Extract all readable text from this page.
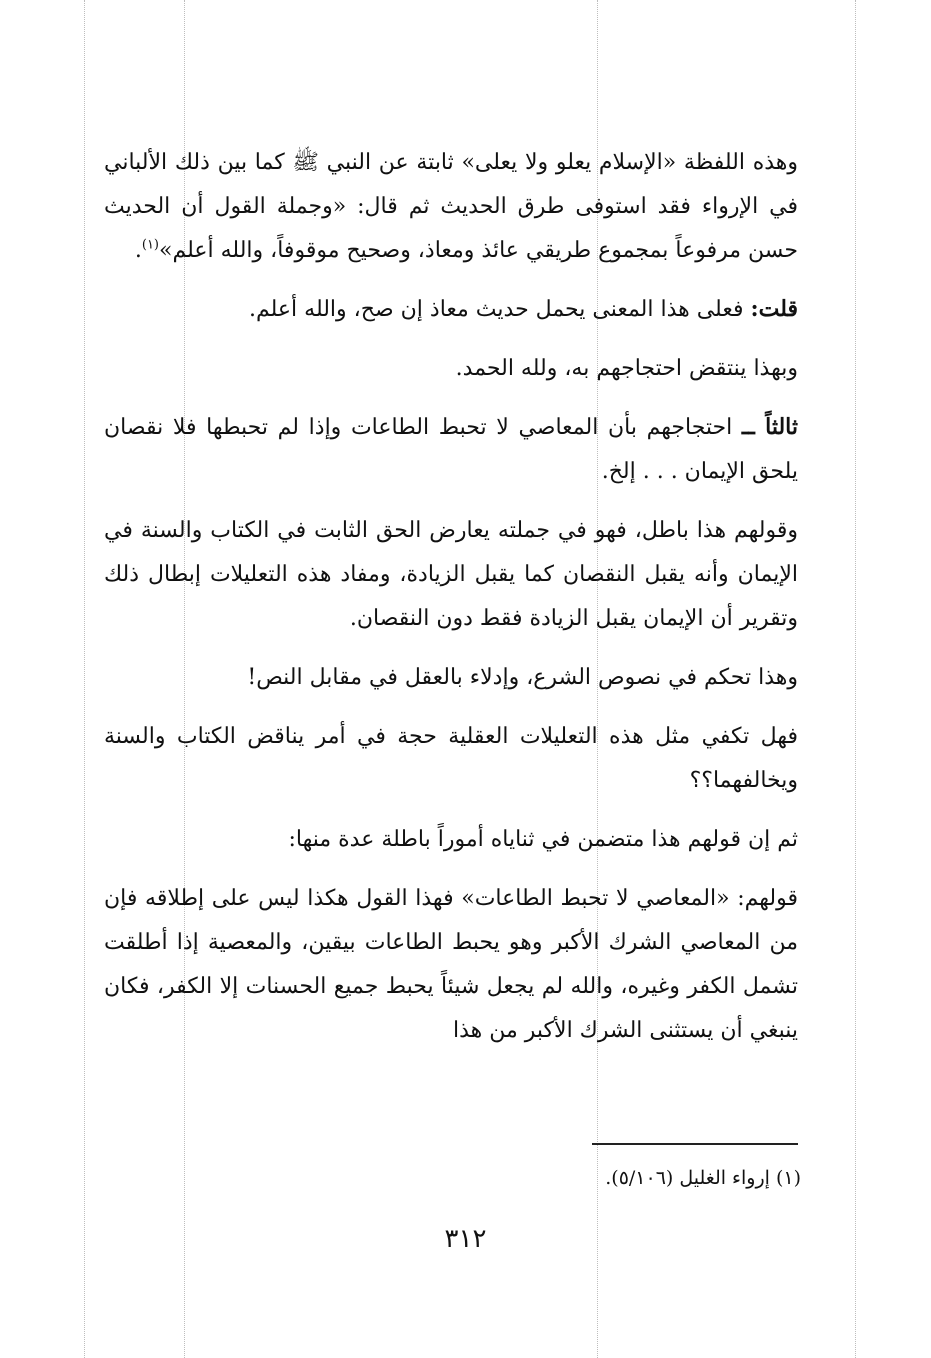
وهذه اللفظة «الإسلام يعلو ولا يعلى» ثابتة عن النبي ﷺ كما بين ذلك الألباني في الإرواء فقد استوفى طرق الحديث ثم قال: «وجملة القول أن الحديث حسن مرفوعاً بمجموع طريقي عائذ ومعاذ، وصحيح موقوفاً، والله أعلم»$^{(١)}$.

قلت: فعلى هذا المعنى يحمل حديث معاذ إن صح، والله أعلم.

وبهذا ينتقض احتجاجهم به، ولله الحمد.

ثالثاً ــ احتجاجهم بأن المعاصي لا تحبط الطاعات وإذا لم تحبطها فلا نقصان يلحق الإيمان . . . إلخ.

وقولهم هذا باطل، فهو في جملته يعارض الحق الثابت في الكتاب والسنة في الإيمان وأنه يقبل النقصان كما يقبل الزيادة، ومفاد هذه التعليلات إبطال ذلك وتقرير أن الإيمان يقبل الزيادة فقط دون النقصان.

وهذا تحكم في نصوص الشرع، وإدلاء بالعقل في مقابل النص!

فهل تكفي مثل هذه التعليلات العقلية حجة في أمر يناقض الكتاب والسنة ويخالفهما؟؟

ثم إن قولهم هذا متضمن في ثناياه أموراً باطلة عدة منها:

قولهم: «المعاصي لا تحبط الطاعات» فهذا القول هكذا ليس على إطلاقه فإن من المعاصي الشرك الأكبر وهو يحبط الطاعات بيقين، والمعصية إذا أطلقت تشمل الكفر وغيره، والله لم يجعل شيئاً يحبط جميع الحسنات إلا الكفر، فكان ينبغي أن يستثنى الشرك الأكبر من هذا

(١) إرواء الغليل (٥/١٠٦).
٣١٢
